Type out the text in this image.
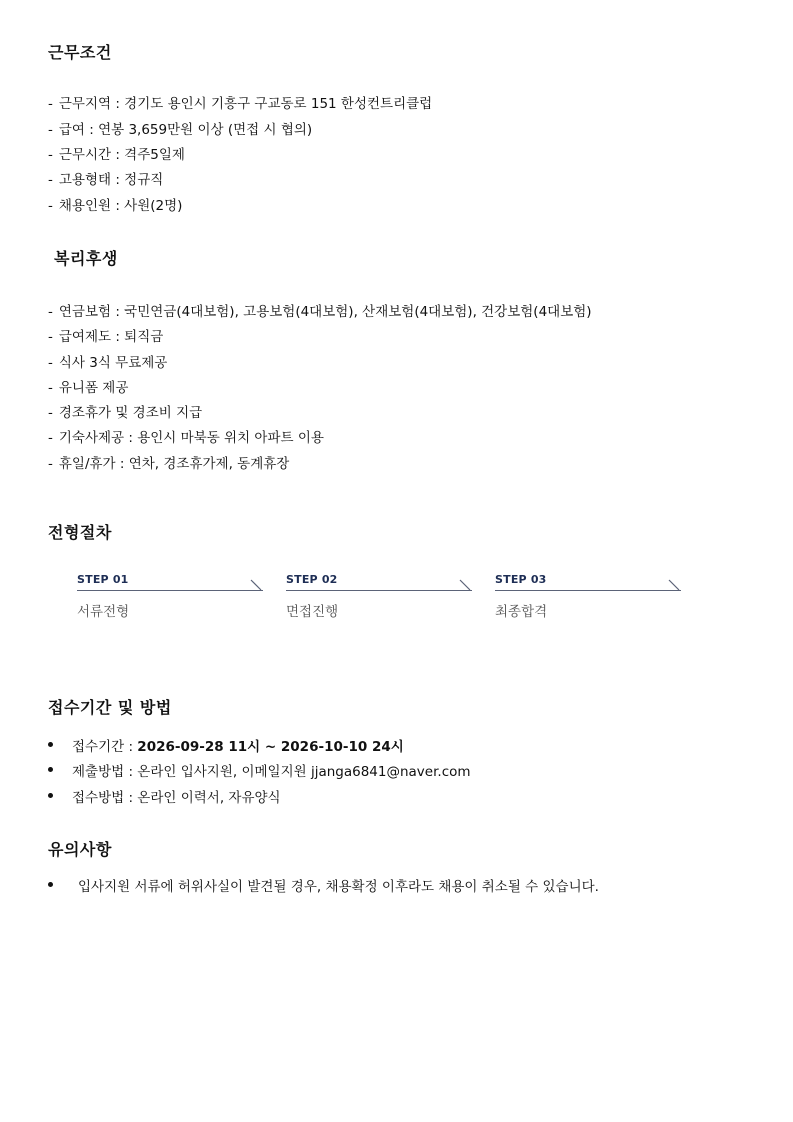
근무조건
- 근무지역 : 경기도 용인시 기흥구 구교동로 151 한성컨트리클럽
- 급여 : 연봉 3,659만원 이상 (면접 시 협의)
- 근무시간 : 격주5일제
- 고용형태 : 정규직
- 채용인원 : 사원(2명)
복리후생
- 연금보험 : 국민연금(4대보험), 고용보험(4대보험), 산재보험(4대보험), 건강보험(4대보험)
- 급여제도 : 퇴직금
- 식사 3식 무료제공
- 유니폼 제공
- 경조휴가 및 경조비 지급
- 기숙사제공 : 용인시 마북동 위치 아파트 이용
- 휴일/휴가 : 연차, 경조휴가제, 동계휴장
전형절차
STEP 01
서류전형
STEP 02
면접진행
STEP 03
최종합격
접수기간 및 방법
접수기간 : 2026-09-28 11시 ~ 2026-10-10 24시
제출방법 : 온라인 입사지원, 이메일지원 jjanga6841@naver.com
접수방법 : 온라인 이력서, 자유양식
유의사항
입사지원 서류에 허위사실이 발견될 경우, 채용확정 이후라도 채용이 취소될 수 있습니다.
